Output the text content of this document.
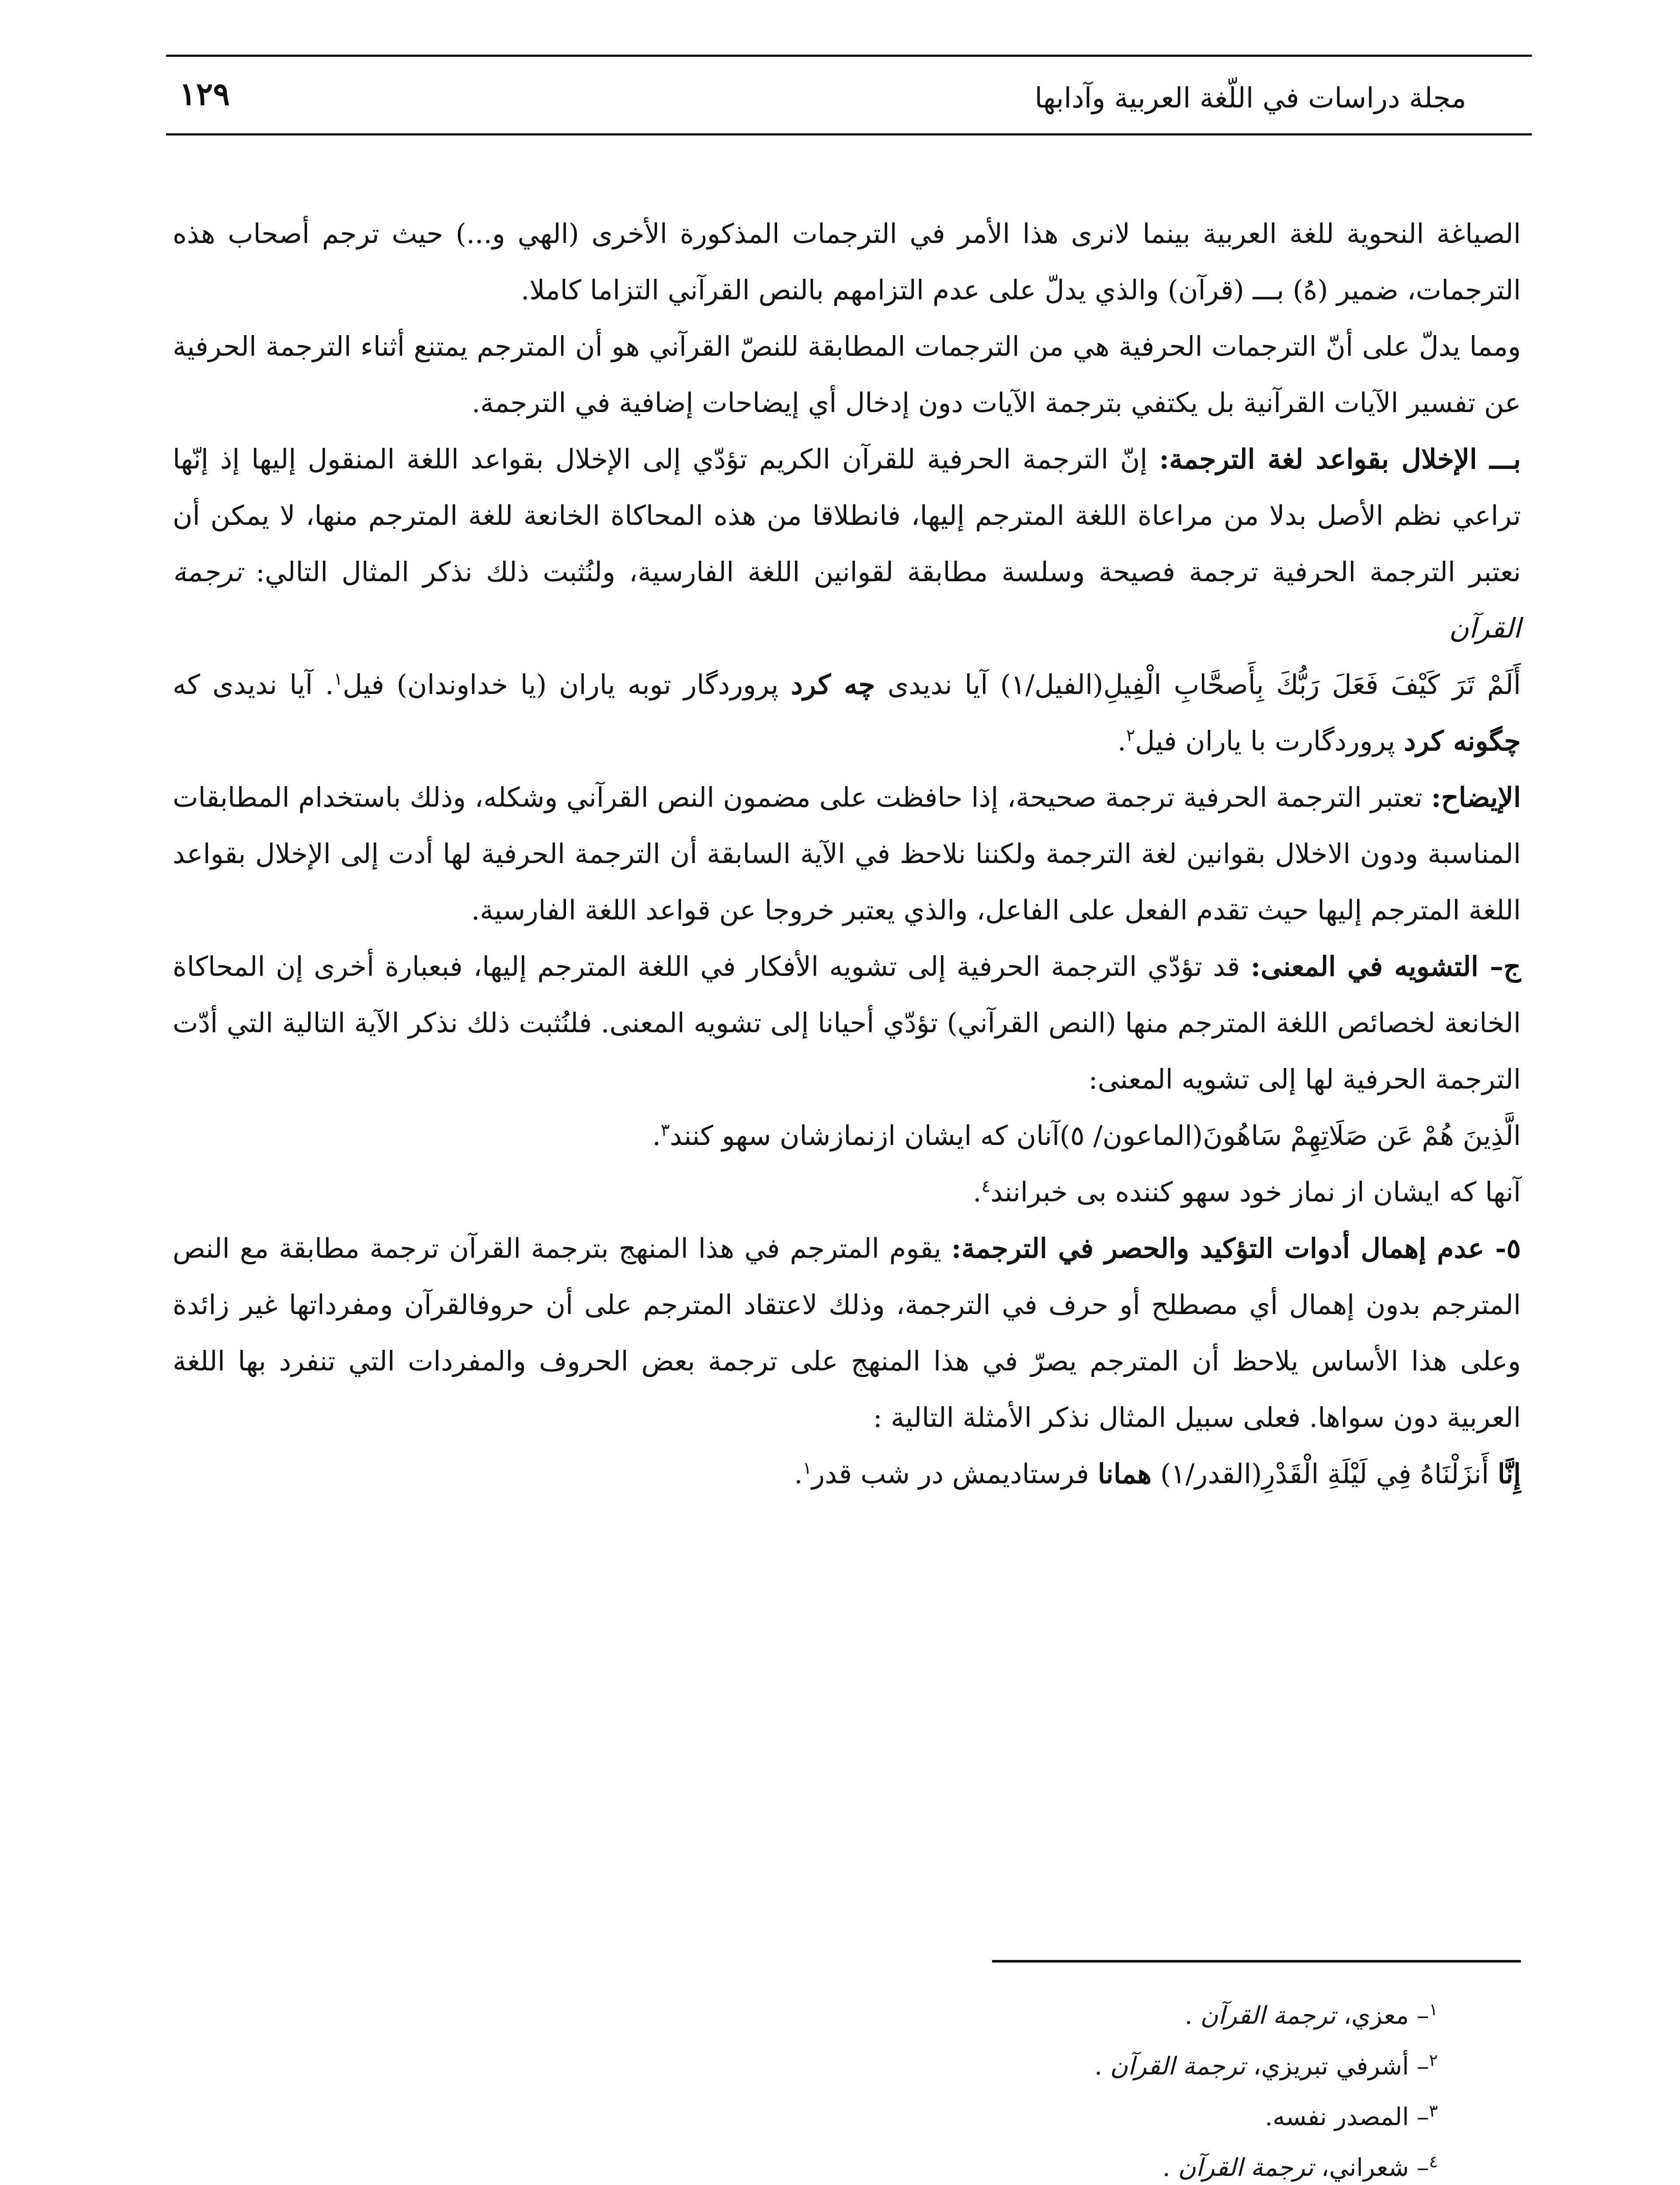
مجلة دراسات في اللّغة العربية وآدابها
١٢٩

الصياغة النحوية للغة العربية بينما لانرى هذا الأمر في الترجمات المذكورة الأخرى (الهي و...) حيث ترجم أصحاب هذه الترجمات، ضمير (هُ) بـــ (قرآن) والذي يدلّ على عدم التزامهم بالنص القرآني التزاما كاملا.

ومما يدلّ على أنّ الترجمات الحرفية هي من الترجمات المطابقة للنصّ القرآني هو أن المترجم يمتنع أثناء الترجمة الحرفية عن تفسير الآيات القرآنية بل يكتفي بترجمة الآيات دون إدخال أي إيضاحات إضافية في الترجمة.

بـــ الإخلال بقواعد لغة الترجمة: إنّ الترجمة الحرفية للقرآن الكريم تؤدّي إلى الإخلال بقواعد اللغة المنقول إليها إذ إنّها تراعي نظم الأصل بدلا من مراعاة اللغة المترجم إليها، فانطلاقا من هذه المحاكاة الخانعة للغة المترجم منها، لا يمكن أن نعتبر الترجمة الحرفية ترجمة فصيحة وسلسة مطابقة لقوانين اللغة الفارسية، ولنُثبت ذلك نذكر المثال التالي: ترجمة القرآن

أَلَمْ تَرَ كَيْفَ فَعَلَ رَبُّكَ بِأَصحَّابِ الْفِيلِ(الفيل/١) آيا نديدى چه كرد پروردگار توبه ياران (يا خداوندان) فيل$^١$. آيا نديدى كه چگونه كرد پروردگارت با ياران فيل$^٢$.

الإيضاح: تعتبر الترجمة الحرفية ترجمة صحيحة، إذا حافظت على مضمون النص القرآني وشكله، وذلك باستخدام المطابقات المناسبة ودون الاخلال بقوانين لغة الترجمة ولكننا نلاحظ في الآية السابقة أن الترجمة الحرفية لها أدت إلى الإخلال بقواعد اللغة المترجم إليها حيث تقدم الفعل على الفاعل، والذي يعتبر خروجا عن قواعد اللغة الفارسية.

ج– التشويه في المعنى: قد تؤدّي الترجمة الحرفية إلى تشويه الأفكار في اللغة المترجم إليها، فبعبارة أخرى إن المحاكاة الخانعة لخصائص اللغة المترجم منها (النص القرآني) تؤدّي أحيانا إلى تشويه المعنى. فلنُثبت ذلك نذكر الآية التالية التي أدّت الترجمة الحرفية لها إلى تشويه المعنى:

الَّذِينَ هُمْ عَن صَلَاتِهِمْ سَاهُونَ(الماعون/ ٥)آنان كه ايشان ازنمازشان سهو كنند$^٣$.

آنها كه ايشان از نماز خود سهو كننده بى خبرانند$^٤$.

٥- عدم إهمال أدوات التؤكيد والحصر في الترجمة: يقوم المترجم في هذا المنهج بترجمة القرآن ترجمة مطابقة مع النص المترجم بدون إهمال أي مصطلح أو حرف في الترجمة، وذلك لاعتقاد المترجم على أن حروفالقرآن ومفرداتها غير زائدة وعلى هذا الأساس يلاحظ أن المترجم يصرّ في هذا المنهج على ترجمة بعض الحروف والمفردات التي تنفرد بها اللغة العربية دون سواها. فعلى سبيل المثال نذكر الأمثلة التالية :

إِنَّا أَنزَلْنَاهُ فِي لَيْلَةِ الْقَدْرِ(القدر/١) همانا فرستاديمش در شب قدر$^١$.

$^١$– معزي، ترجمة القرآن .

$^٢$– أشرفي تبريزي، ترجمة القرآن .

$^٣$– المصدر نفسه.

$^٤$– شعراني، ترجمة القرآن .
